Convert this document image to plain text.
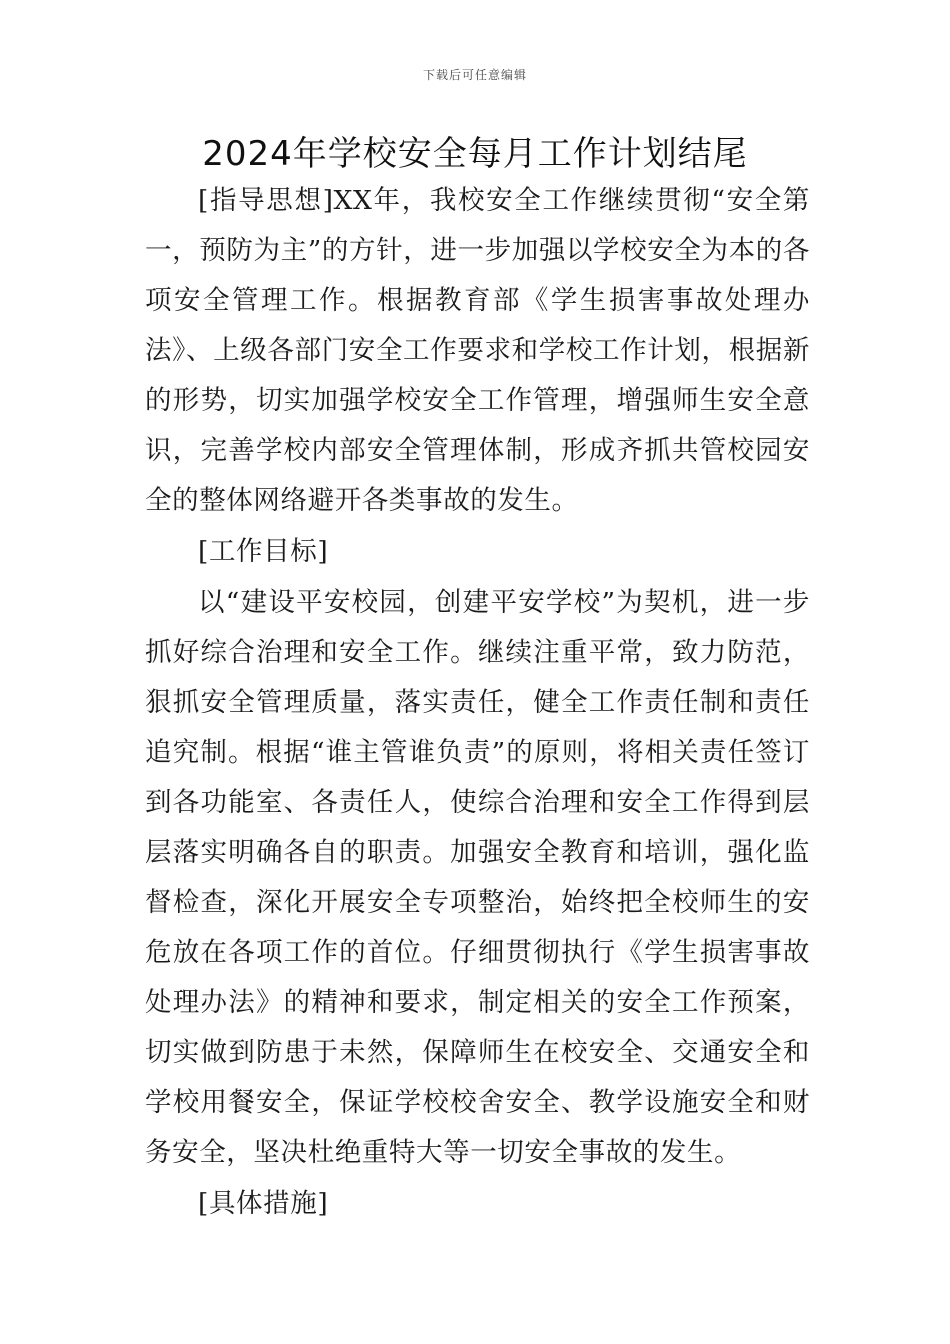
下载后可任意编辑
2024年学校安全每月工作计划结尾

[指导思想]XX年，我校安全工作继续贯彻“安全第一，预防为主”的方针，进一步加强以学校安全为本的各项安全管理工作。根据教育部《学生损害事故处理办法》、上级各部门安全工作要求和学校工作计划，根据新的形势，切实加强学校安全工作管理，增强师生安全意识，完善学校内部安全管理体制，形成齐抓共管校园安全的整体网络避开各类事故的发生。

[工作目标]

以“建设平安校园，创建平安学校”为契机，进一步抓好综合治理和安全工作。继续注重平常，致力防范，狠抓安全管理质量，落实责任，健全工作责任制和责任追究制。根据“谁主管谁负责”的原则，将相关责任签订到各功能室、各责任人，使综合治理和安全工作得到层层落实明确各自的职责。加强安全教育和培训，强化监督检查，深化开展安全专项整治，始终把全校师生的安危放在各项工作的首位。仔细贯彻执行《学生损害事故处理办法》的精神和要求，制定相关的安全工作预案，切实做到防患于未然，保障师生在校安全、交通安全和学校用餐安全，保证学校校舍安全、教学设施安全和财务安全，坚决杜绝重特大等一切安全事故的发生。

[具体措施]
